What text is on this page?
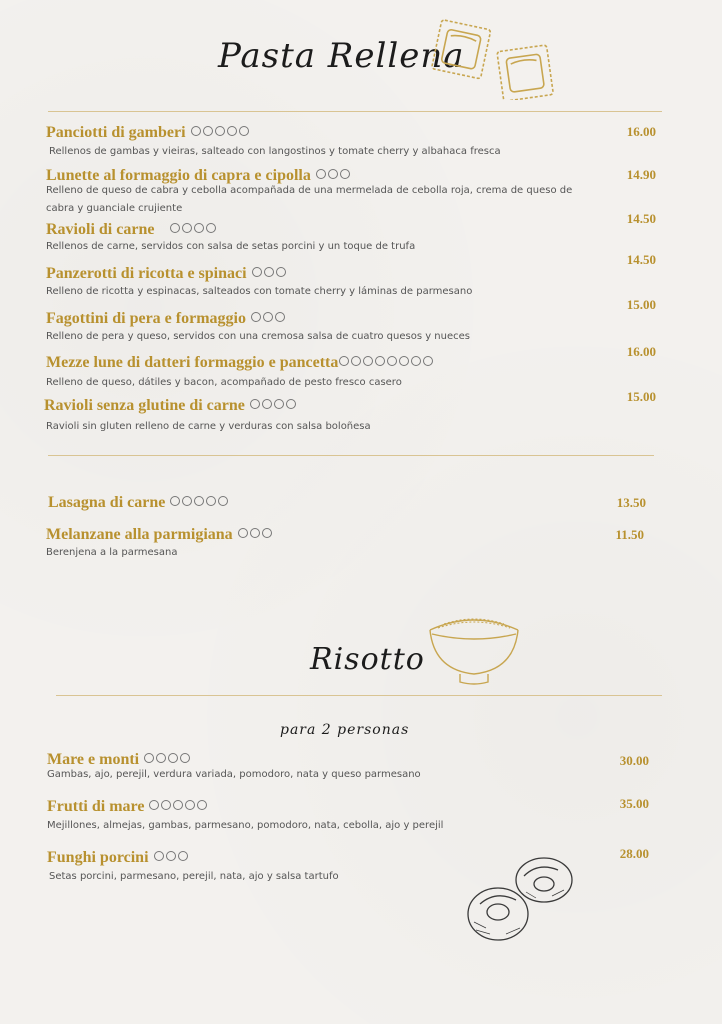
Pasta Rellena
Panciotti di gamberi	16.00
Rellenos de gambas y vieiras, salteado con langostinos y tomate cherry y albahaca fresca
Lunette al formaggio di capra e cipolla	14.90
Relleno de queso de cabra y cebolla acompañada de una mermelada de cebolla roja, crema de queso de cabra y guanciale crujiente
Ravioli di carne
14.50
Rellenos de carne, servidos con salsa de setas porcini y un toque de trufa
Panzerotti di ricotta e spinaci
14.50
Relleno de ricotta y espinacas, salteados con tomate cherry y láminas de parmesano
Fagottini di pera e formaggio
15.00
Relleno de pera y queso, servidos con una cremosa salsa de cuatro quesos y nueces
Mezze lune di datteri formaggio e pancetta
16.00
Relleno de queso, dátiles y bacon, acompañado de pesto fresco casero
Ravioli senza glutine di carne
15.00
Ravioli sin gluten relleno de carne y verduras con salsa boloñesa
Lasagna di carne	13.50
Melanzane alla parmigiana	11.50
Berenjena a la parmesana
Risotto
para 2 personas
Mare e monti	30.00
Gambas, ajo, perejil, verdura variada, pomodoro, nata y queso parmesano
Frutti di mare	35.00
Mejillones, almejas, gambas, parmesano, pomodoro, nata, cebolla, ajo y perejil
Funghi porcini	28.00
Setas porcini, parmesano, perejil, nata, ajo y salsa tartufo
